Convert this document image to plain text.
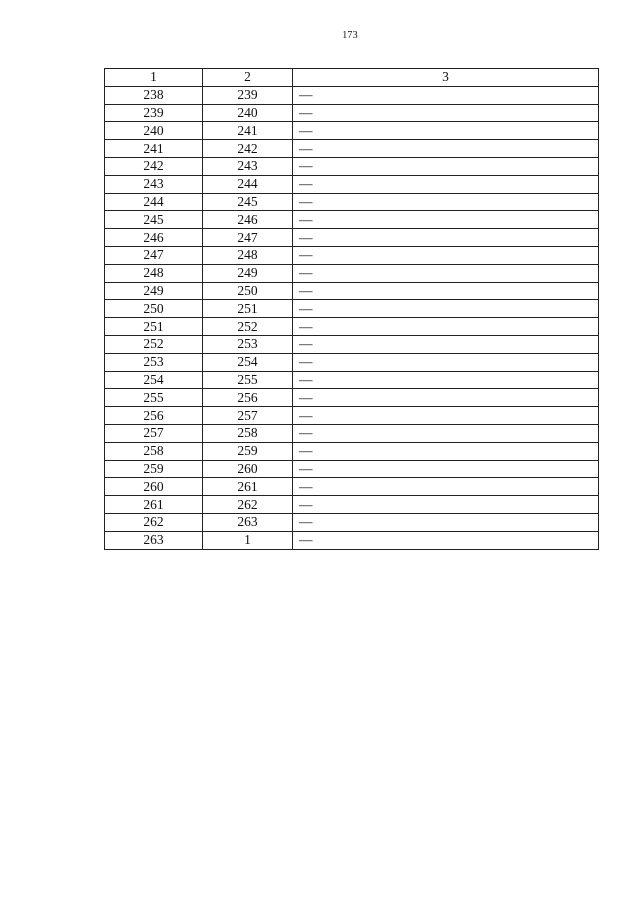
173
1	2	3
238	239	—
239	240	—
240	241	—
241	242	—
242	243	—
243	244	—
244	245	—
245	246	—
246	247	—
247	248	—
248	249	—
249	250	—
250	251	—
251	252	—
252	253	—
253	254	—
254	255	—
255	256	—
256	257	—
257	258	—
258	259	—
259	260	—
260	261	—
261	262	—
262	263	—
263	1	—
